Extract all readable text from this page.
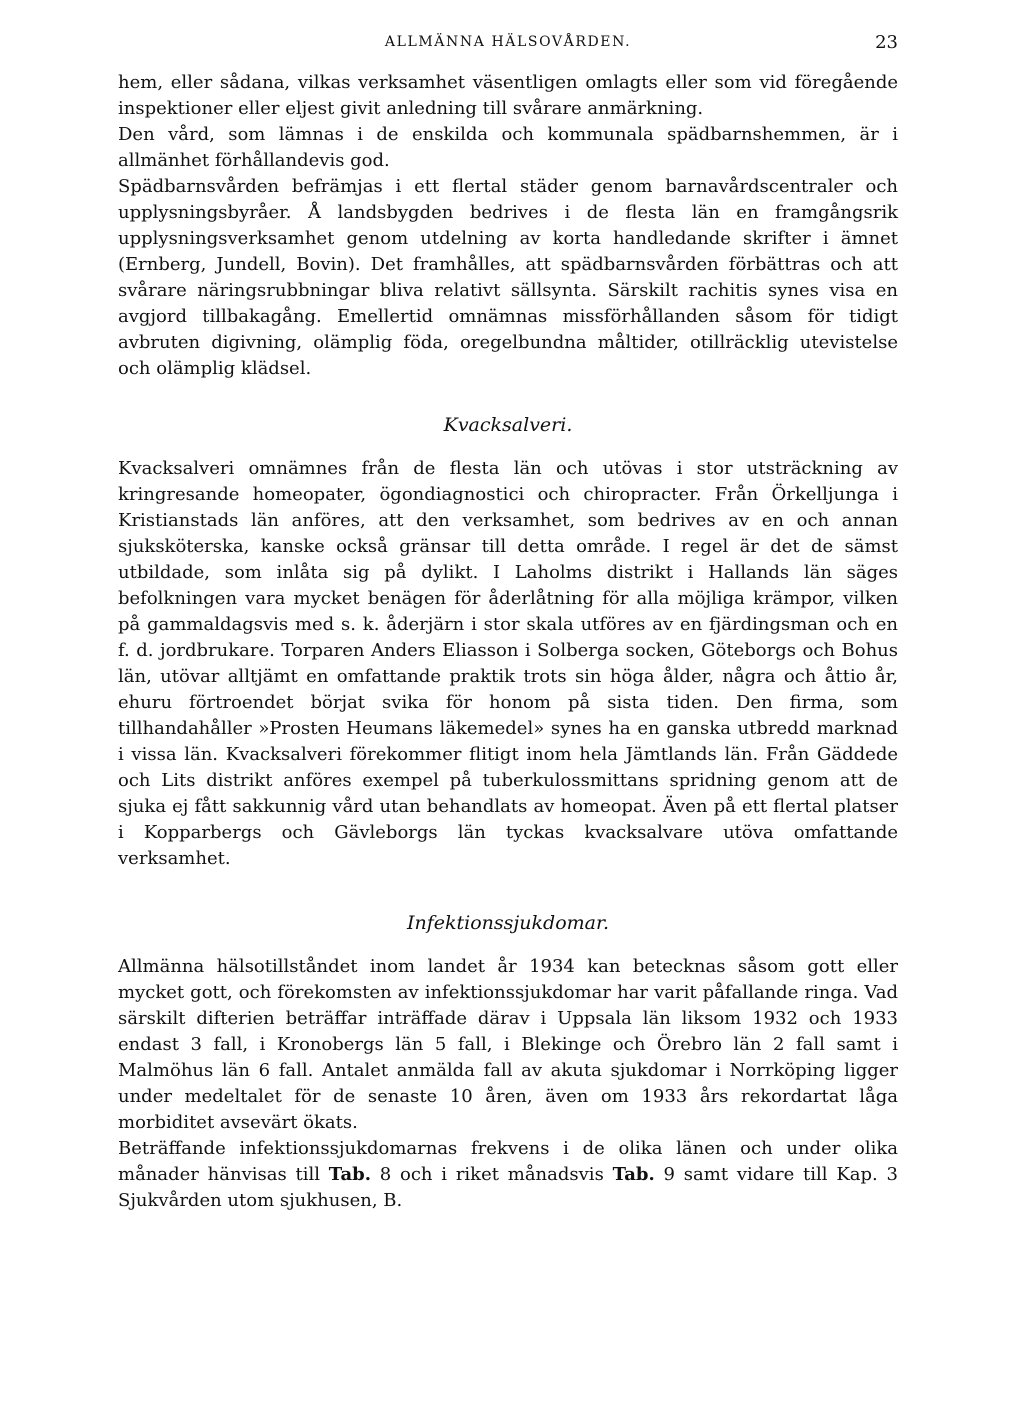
ALLMÄNNA HÄLSOVÅRDEN.	23

hem, eller sådana, vilkas verksamhet väsentligen omlagts eller som vid föregående inspektioner eller eljest givit anledning till svårare anmärkning.

Den vård, som lämnas i de enskilda och kommunala spädbarnshemmen, är i allmänhet förhållandevis god.

Spädbarnsvården befrämjas i ett flertal städer genom barnavårdscentraler och upplysningsbyråer. Å landsbygden bedrives i de flesta län en framgångsrik upplysningsverksamhet genom utdelning av korta handledande skrifter i ämnet (Ernberg, Jundell, Bovin). Det framhålles, att spädbarnsvården förbättras och att svårare näringsrubbningar bliva relativt sällsynta. Särskilt rachitis synes visa en avgjord tillbakagång. Emellertid omnämnas missförhållanden såsom för tidigt avbruten digivning, olämplig föda, oregelbundna måltider, otillräcklig utevistelse och olämplig klädsel.

Kvacksalveri.

Kvacksalveri omnämnes från de flesta län och utövas i stor utsträckning av kringresande homeopater, ögondiagnostici och chiropracter. Från Örkelljunga i Kristianstads län anföres, att den verksamhet, som bedrives av en och annan sjuksköterska, kanske också gränsar till detta område. I regel är det de sämst utbildade, som inlåta sig på dylikt. I Laholms distrikt i Hallands län säges befolkningen vara mycket benägen för åderlåtning för alla möjliga krämpor, vilken på gammaldagsvis med s. k. åderjärn i stor skala utföres av en fjärdingsman och en f. d. jordbrukare. Torparen Anders Eliasson i Solberga socken, Göteborgs och Bohus län, utövar alltjämt en omfattande praktik trots sin höga ålder, några och åttio år, ehuru förtroendet börjat svika för honom på sista tiden. Den firma, som tillhandahåller »Prosten Heumans läkemedel» synes ha en ganska utbredd marknad i vissa län. Kvacksalveri förekommer flitigt inom hela Jämtlands län. Från Gäddede och Lits distrikt anföres exempel på tuberkulossmittans spridning genom att de sjuka ej fått sakkunnig vård utan behandlats av homeopat. Även på ett flertal platser i Kopparbergs och Gävleborgs län tyckas kvacksalvare utöva omfattande verksamhet.

Infektionssjukdomar.

Allmänna hälsotillståndet inom landet år 1934 kan betecknas såsom gott eller mycket gott, och förekomsten av infektionssjukdomar har varit påfallande ringa. Vad särskilt difterien beträffar inträffade därav i Uppsala län liksom 1932 och 1933 endast 3 fall, i Kronobergs län 5 fall, i Blekinge och Örebro län 2 fall samt i Malmöhus län 6 fall. Antalet anmälda fall av akuta sjukdomar i Norrköping ligger under medeltalet för de senaste 10 åren, även om 1933 års rekordartat låga morbiditet avsevärt ökats.

Beträffande infektionssjukdomarnas frekvens i de olika länen och under olika månader hänvisas till Tab. 8 och i riket månadsvis Tab. 9 samt vidare till Kap. 3 Sjukvården utom sjukhusen, B.
